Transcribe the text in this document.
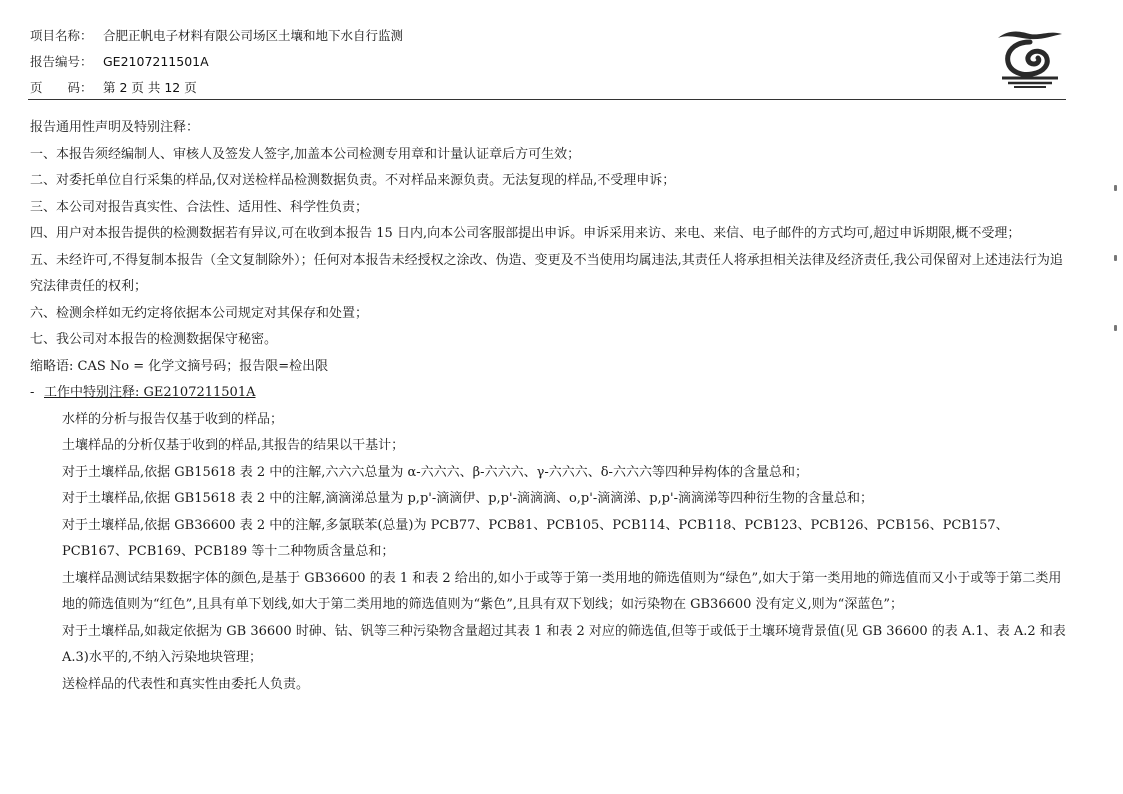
项目名称： 合肥正帆电子材料有限公司场区土壤和地下水自行监测
报告编号： GE2107211501A
页　　码： 第 2 页 共 12 页
报告通用性声明及特别注释：
一、本报告须经编制人、审核人及签发人签字,加盖本公司检测专用章和计量认证章后方可生效；
二、对委托单位自行采集的样品,仅对送检样品检测数据负责。不对样品来源负责。无法复现的样品,不受理申诉；
三、本公司对报告真实性、合法性、适用性、科学性负责；
四、用户对本报告提供的检测数据若有异议,可在收到本报告 15 日内,向本公司客服部提出申诉。申诉采用来访、来电、来信、电子邮件的方式均可,超过申诉期限,概不受理；
五、未经许可,不得复制本报告（全文复制除外）；任何对本报告未经授权之涂改、伪造、变更及不当使用均属违法,其责任人将承担相关法律及经济责任,我公司保留对上述违法行为追究法律责任的权利；
六、检测余样如无约定将依据本公司规定对其保存和处置；
七、我公司对本报告的检测数据保守秘密。
缩略语: CAS No = 化学文摘号码；报告限=检出限
- 工作中特别注释: GE2107211501A
水样的分析与报告仅基于收到的样品；
土壤样品的分析仅基于收到的样品,其报告的结果以干基计；
对于土壤样品,依据 GB15618 表 2 中的注解,六六六总量为 α-六六六、β-六六六、γ-六六六、δ-六六六等四种异构体的含量总和；
对于土壤样品,依据 GB15618 表 2 中的注解,滴滴涕总量为 p,p'-滴滴伊、p,p'-滴滴滴、o,p'-滴滴涕、p,p'-滴滴涕等四种衍生物的含量总和；
对于土壤样品,依据 GB36600 表 2 中的注解,多氯联苯(总量)为 PCB77、PCB81、PCB105、PCB114、PCB118、PCB123、PCB126、PCB156、PCB157、PCB167、PCB169、PCB189 等十二种物质含量总和；
土壤样品测试结果数据字体的颜色,是基于 GB36600 的表 1 和表 2 给出的,如小于或等于第一类用地的筛选值则为“绿色”,如大于第一类用地的筛选值而又小于或等于第二类用地的筛选值则为“红色”,且具有单下划线,如大于第二类用地的筛选值则为“紫色”,且具有双下划线；如污染物在 GB36600 没有定义,则为“深蓝色”；
对于土壤样品,如裁定依据为 GB 36600 时砷、钴、钒等三种污染物含量超过其表 1 和表 2 对应的筛选值,但等于或低于土壤环境背景值(见 GB 36600 的表 A.1、表 A.2 和表 A.3)水平的,不纳入污染地块管理；
送检样品的代表性和真实性由委托人负责。
